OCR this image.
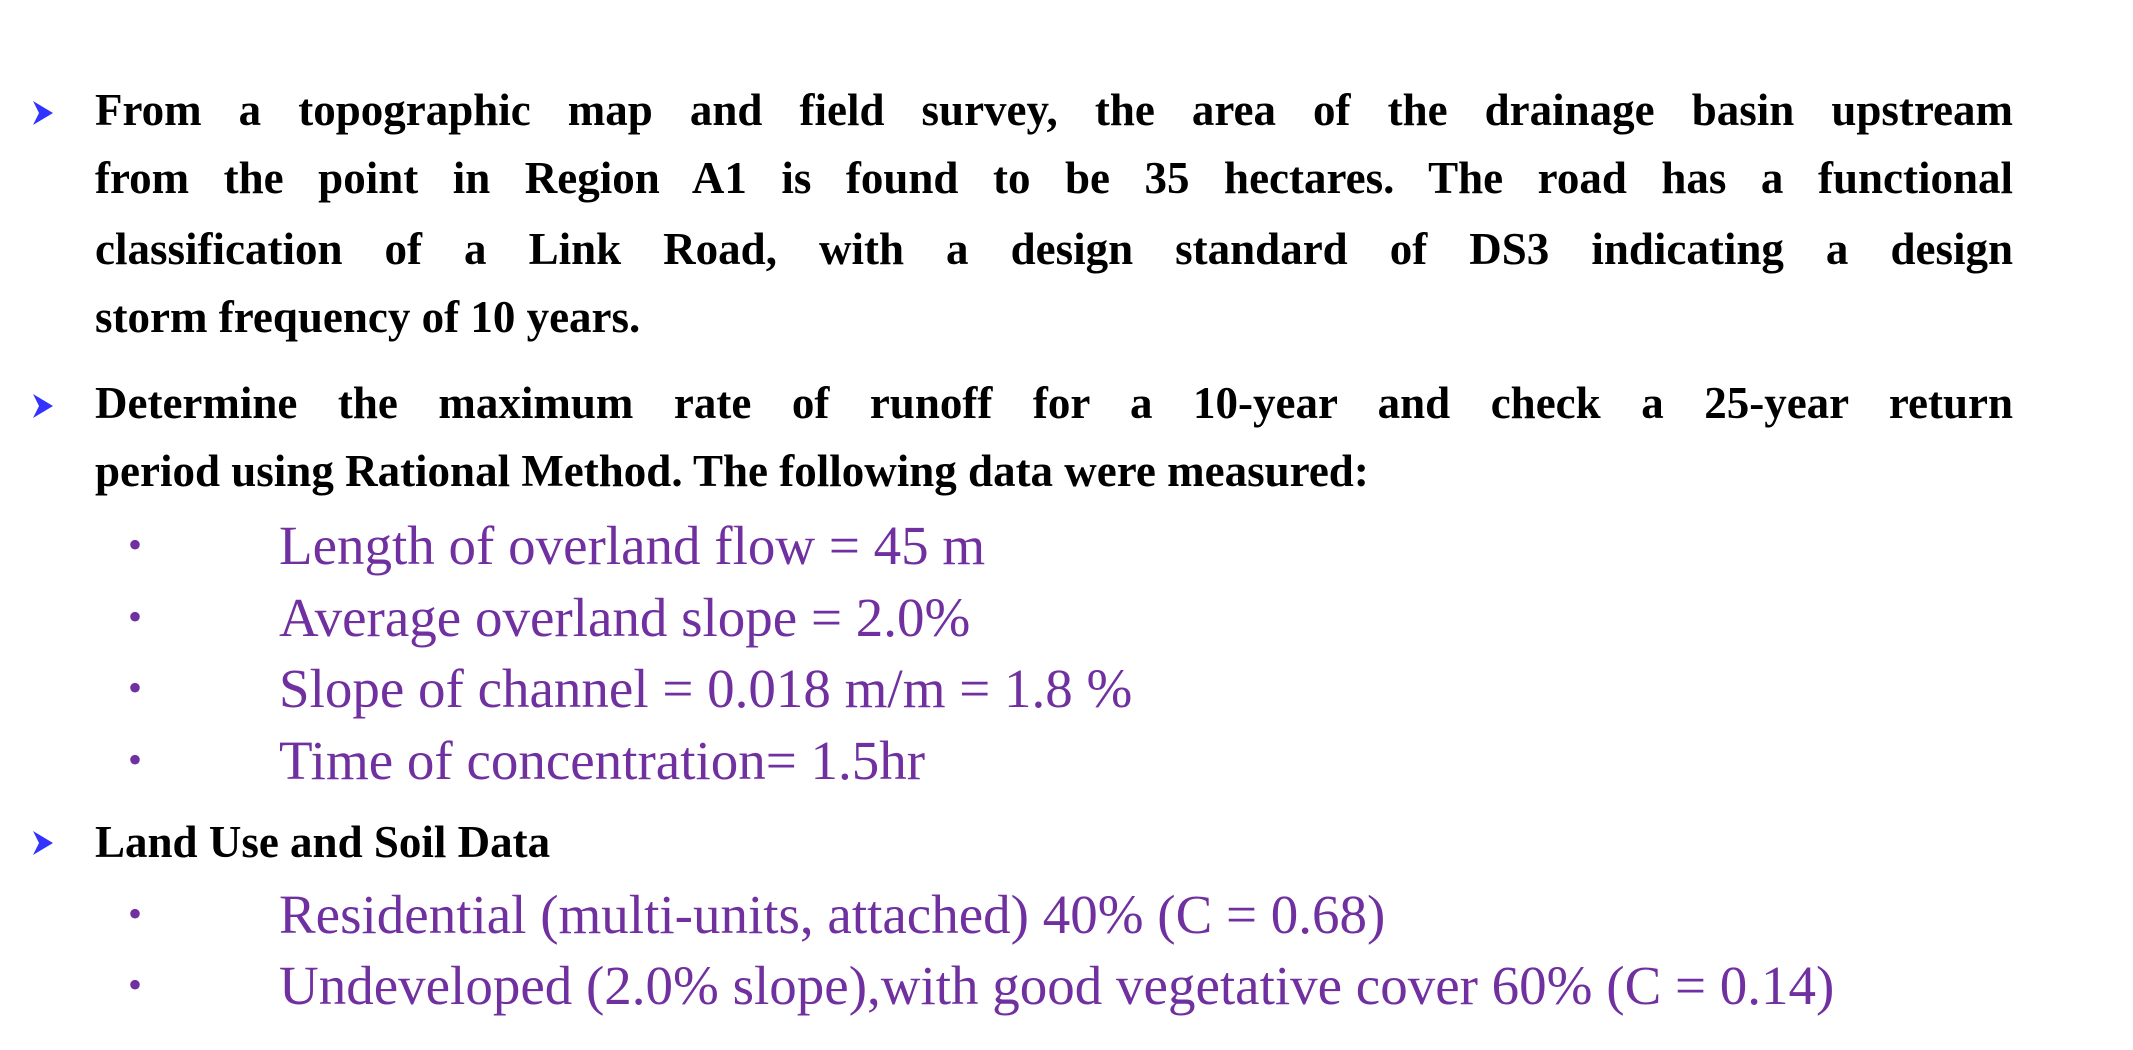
From a topographic map and field survey, the area of the drainage basin upstream
from the point in Region A1 is found to be 35 hectares. The road has a functional
classification of a Link Road, with a design standard of DS3 indicating a design
storm frequency of 10 years.
Determine the maximum rate of runoff for a 10-year and check a 25-year return
period using Rational Method. The following data were measured:
• Length of overland flow = 45 m
• Average overland slope = 2.0%
• Slope of channel = 0.018 m/m = 1.8 %
• Time of concentration= 1.5hr
Land Use and Soil Data
• Residential (multi-units, attached) 40% (C = 0.68)
• Undeveloped (2.0% slope),with good vegetative cover 60% (C = 0.14)
